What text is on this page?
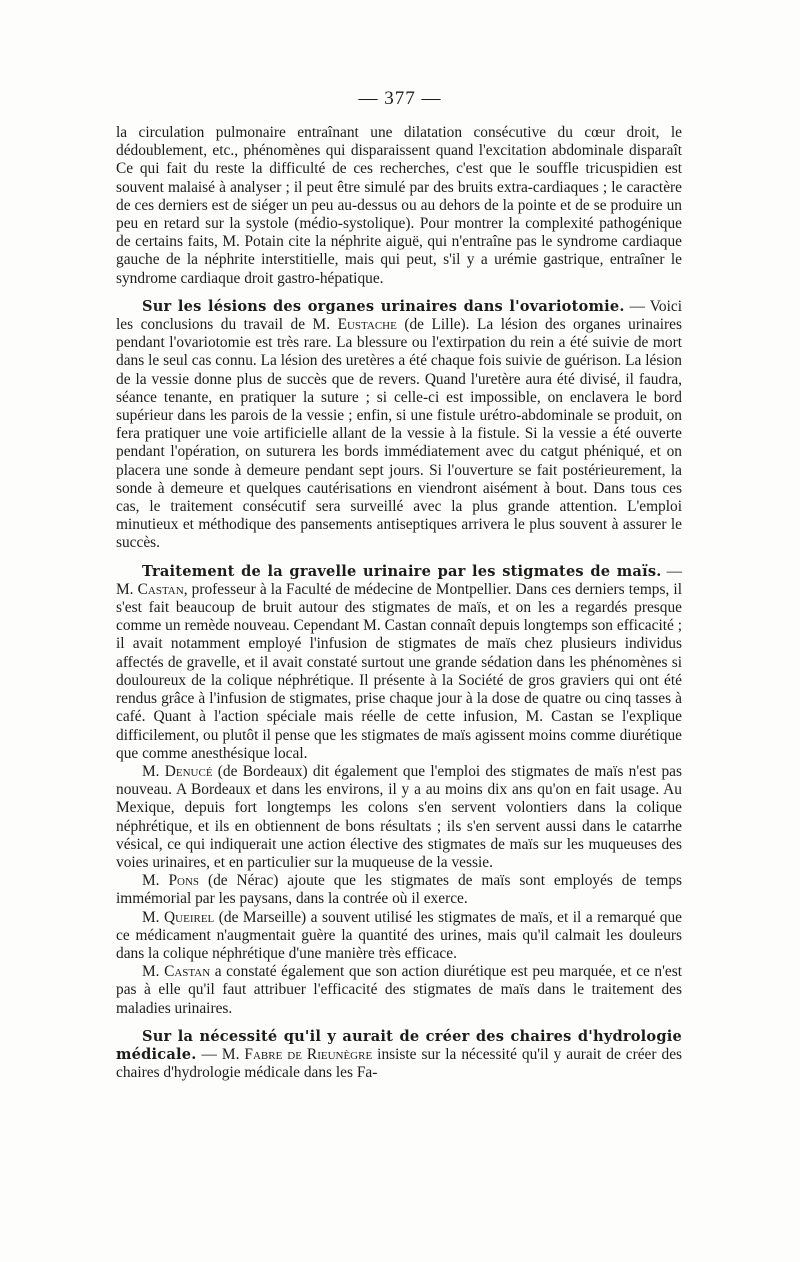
— 377 —

la circulation pulmonaire entraînant une dilatation consécutive du cœur droit, le dédoublement, etc., phénomènes qui disparaissent quand l'excitation abdominale disparaît Ce qui fait du reste la difficulté de ces recherches, c'est que le souffle tricuspidien est souvent malaisé à analyser ; il peut être simulé par des bruits extra-cardiaques ; le caractère de ces derniers est de siéger un peu au-dessus ou au dehors de la pointe et de se produire un peu en retard sur la systole (médio-systolique). Pour montrer la complexité pathogénique de certains faits, M. Potain cite la néphrite aiguë, qui n'entraîne pas le syndrome cardiaque gauche de la néphrite interstitielle, mais qui peut, s'il y a urémie gastrique, entraîner le syndrome cardiaque droit gastro-hépatique.

Sur les lésions des organes urinaires dans l'ovariotomie. — Voici les conclusions du travail de M. Eustache (de Lille). La lésion des organes urinaires pendant l'ovariotomie est très rare. La blessure ou l'extirpation du rein a été suivie de mort dans le seul cas connu. La lésion des uretères a été chaque fois suivie de guérison. La lésion de la vessie donne plus de succès que de revers. Quand l'uretère aura été divisé, il faudra, séance tenante, en pratiquer la suture ; si celle-ci est impossible, on enclavera le bord supérieur dans les parois de la vessie ; enfin, si une fistule urétro-abdominale se produit, on fera pratiquer une voie artificielle allant de la vessie à la fistule. Si la vessie a été ouverte pendant l'opération, on suturera les bords immédiatement avec du catgut phéniqué, et on placera une sonde à demeure pendant sept jours. Si l'ouverture se fait postérieurement, la sonde à demeure et quelques cautérisations en viendront aisément à bout. Dans tous ces cas, le traitement consécutif sera surveillé avec la plus grande attention. L'emploi minutieux et méthodique des pansements antiseptiques arrivera le plus souvent à assurer le succès.

Traitement de la gravelle urinaire par les stigmates de maïs. — M. Castan, professeur à la Faculté de médecine de Montpellier. Dans ces derniers temps, il s'est fait beaucoup de bruit autour des stigmates de maïs, et on les a regardés presque comme un remède nouveau. Cependant M. Castan connaît depuis longtemps son efficacité ; il avait notamment employé l'infusion de stigmates de maïs chez plusieurs individus affectés de gravelle, et il avait constaté surtout une grande sédation dans les phénomènes si douloureux de la colique néphrétique. Il présente à la Société de gros graviers qui ont été rendus grâce à l'infusion de stigmates, prise chaque jour à la dose de quatre ou cinq tasses à café. Quant à l'action spéciale mais réelle de cette infusion, M. Castan se l'explique difficilement, ou plutôt il pense que les stigmates de maïs agissent moins comme diurétique que comme anesthésique local.

M. Denucé (de Bordeaux) dit également que l'emploi des stigmates de maïs n'est pas nouveau. A Bordeaux et dans les environs, il y a au moins dix ans qu'on en fait usage. Au Mexique, depuis fort longtemps les colons s'en servent volontiers dans la colique néphrétique, et ils en obtiennent de bons résultats ; ils s'en servent aussi dans le catarrhe vésical, ce qui indiquerait une action élective des stigmates de maïs sur les muqueuses des voies urinaires, et en particulier sur la muqueuse de la vessie.

M. Pons (de Nérac) ajoute que les stigmates de maïs sont employés de temps immémorial par les paysans, dans la contrée où il exerce.

M. Queirel (de Marseille) a souvent utilisé les stigmates de maïs, et il a remarqué que ce médicament n'augmentait guère la quantité des urines, mais qu'il calmait les douleurs dans la colique néphrétique d'une manière très efficace.

M. Castan a constaté également que son action diurétique est peu marquée, et ce n'est pas à elle qu'il faut attribuer l'efficacité des stigmates de maïs dans le traitement des maladies urinaires.

Sur la nécessité qu'il y aurait de créer des chaires d'hydrologie médicale. — M. Fabre de Rieunègre insiste sur la nécessité qu'il y aurait de créer des chaires d'hydrologie médicale dans les Fa-
